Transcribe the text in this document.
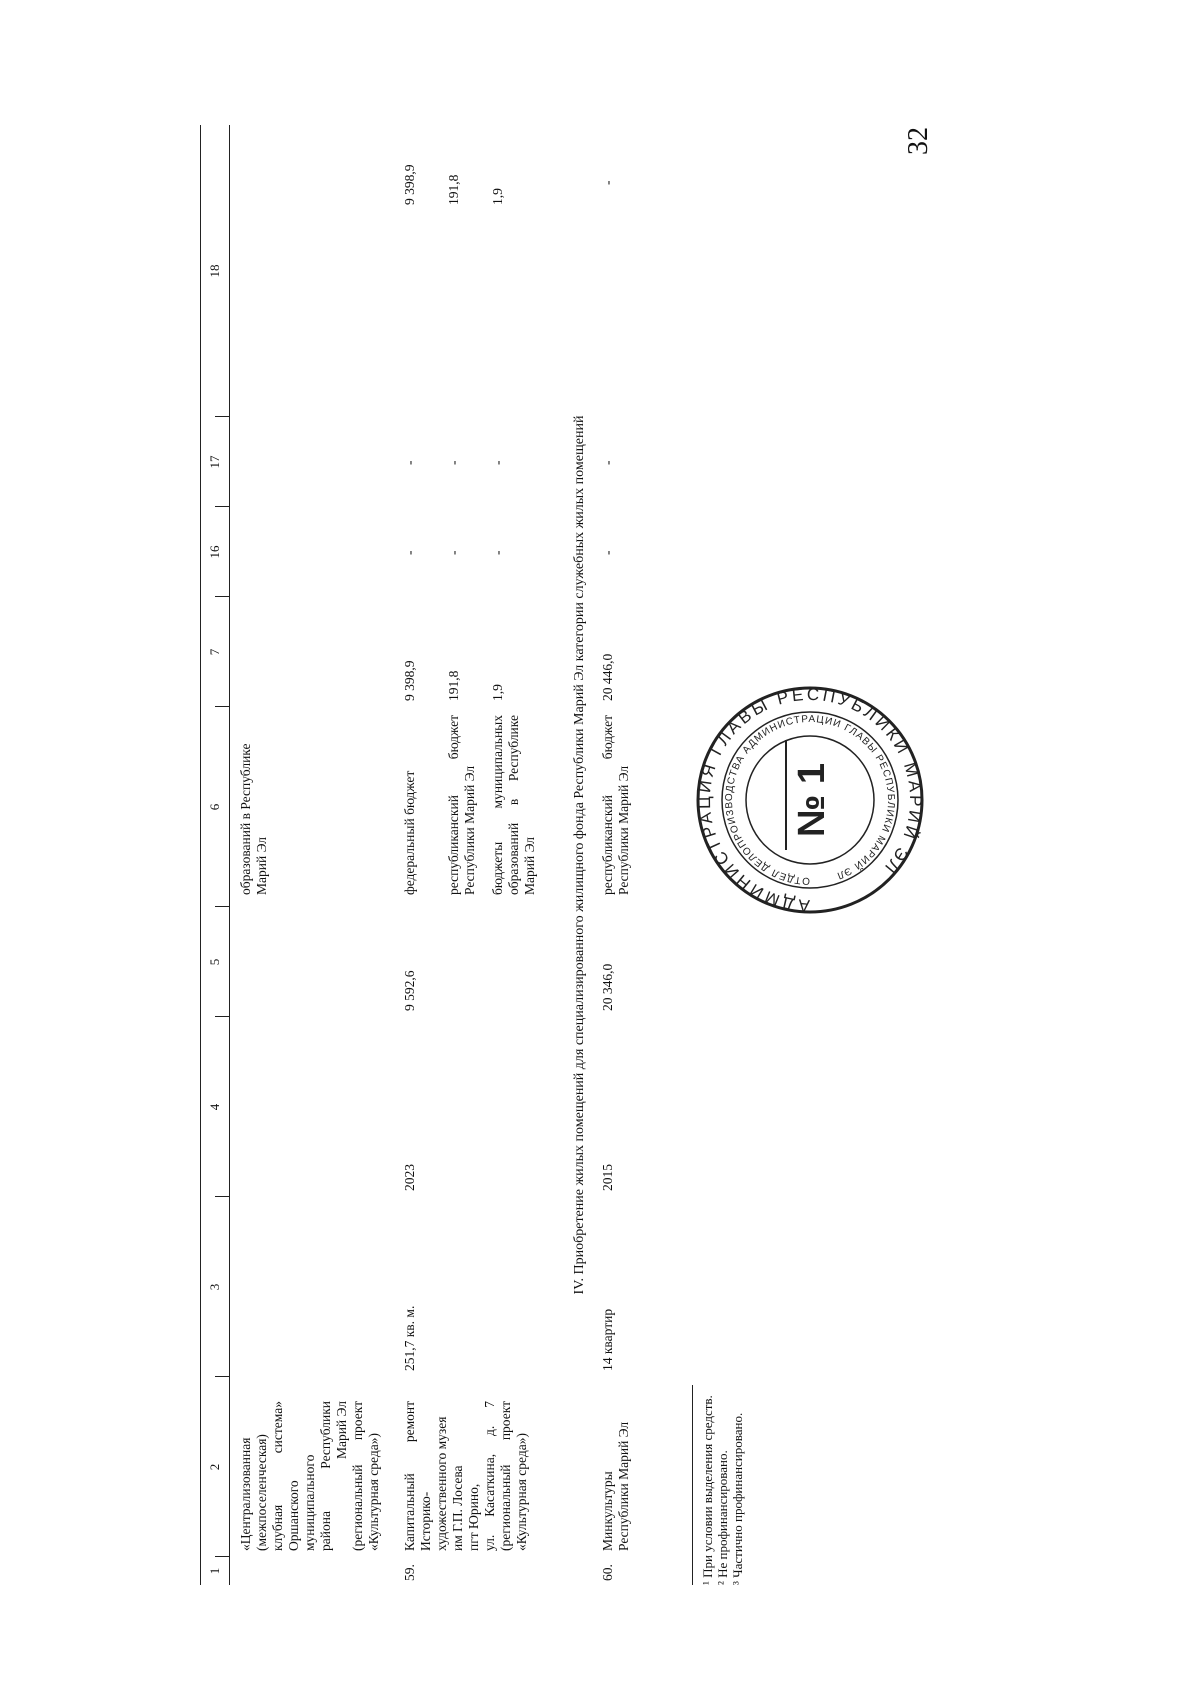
32
1
2
3
4
5
6
7
16
17
18
«Централизованная (межпоселенческая) клубная система» Оршанского муниципального района Республики Марий Эл (региональный проект «Культурная среда»)
образований в Республике Марий Эл
59.
Капитальный ремонт Историко- художественного музея им Г.П. Лосева пгт Юрино, ул. Касаткина, д. 7 (региональный проект «Культурная среда»)
251,7 кв. м.
2023
9 592,6
федеральный бюджет
9 398,9
-
-
9 398,9
республиканский бюджет Республики Марий Эл
191,8
-
-
191,8
бюджеты муниципальных образований в Республике Марий Эл
1,9
-
-
1,9
IV. Приобретение жилых помещений для специализированного жилищного фонда Республики Марий Эл категории служебных жилых помещений
60.
Минкультуры Республики Марий Эл
14 квартир
2015
20 346,0
республиканский бюджет Республики Марий Эл
20 446,0
-
-
-
¹ При условии выделения средств. ² Не профинансировано. ³ Частично профинансировано.
АДМИНИСТРАЦИЯ ГЛАВЫ РЕСПУБЛИКИ МАРИЙ ЭЛ
ОТДЕЛ ДЕЛОПРОИЗВОДСТВА АДМИНИСТРАЦИИ ГЛАВЫ РЕСПУБЛИКИ МАРИЙ ЭЛ
№ 1
